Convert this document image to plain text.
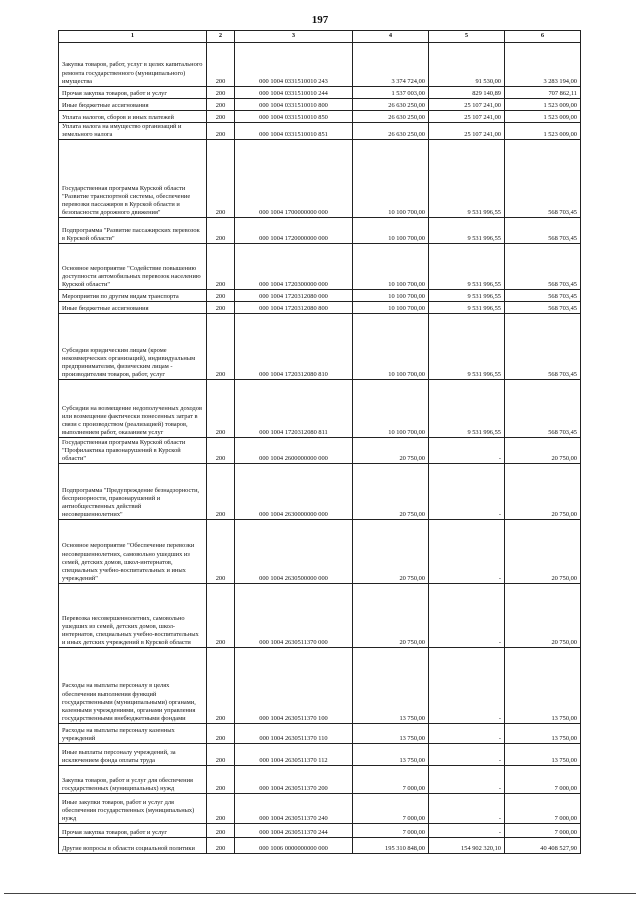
197
1	2	3	4	5	6
Закупка товаров, работ, услуг в целях капитального ремонта государственного (муниципального) имущества	200	000 1004 0331510010 243	3 374 724,00	91 530,00	3 283 194,00
Прочая закупка товаров, работ и услуг	200	000 1004 0331510010 244	1 537 003,00	829 140,89	707 862,11
Иные бюджетные ассигнования	200	000 1004 0331510010 800	26 630 250,00	25 107 241,00	1 523 009,00
Уплата налогов, сборов и иных платежей	200	000 1004 0331510010 850	26 630 250,00	25 107 241,00	1 523 009,00
Уплата налога на имущество организаций и земельного налога	200	000 1004 0331510010 851	26 630 250,00	25 107 241,00	1 523 009,00
Государственная программа Курской области "Развитие транспортной системы, обеспечение перевозки пассажиров в Курской области и безопасности дорожного движения"	200	000 1004 1700000000 000	10 100 700,00	9 531 996,55	568 703,45
Подпрограмма "Развитие пассажирских перевозок в Курской области"	200	000 1004 1720000000 000	10 100 700,00	9 531 996,55	568 703,45
Основное мероприятие "Содействие повышению доступности автомобильных перевозок населению Курской области"	200	000 1004 1720300000 000	10 100 700,00	9 531 996,55	568 703,45
Мероприятия по другим видам транспорта	200	000 1004 1720312080 000	10 100 700,00	9 531 996,55	568 703,45
Иные бюджетные ассигнования	200	000 1004 1720312080 800	10 100 700,00	9 531 996,55	568 703,45
Субсидии юридическим лицам (кроме некоммерческих организаций), индивидуальным предпринимателям, физическим лицам - производителям товаров, работ, услуг	200	000 1004 1720312080 810	10 100 700,00	9 531 996,55	568 703,45
Субсидии на возмещение недополученных доходов или возмещение фактически понесенных затрат в связи с производством (реализацией) товаров, выполнением работ, оказанием услуг	200	000 1004 1720312080 811	10 100 700,00	9 531 996,55	568 703,45
Государственная программа Курской области "Профилактика правонарушений в Курской области"	200	000 1004 2600000000 000	20 750,00	-	20 750,00
Подпрограмма "Предупреждение безнадзорности, беспризорности, правонарушений и антиобщественных действий несовершеннолетних"	200	000 1004 2630000000 000	20 750,00	-	20 750,00
Основное мероприятие "Обеспечение перевозки несовершеннолетних, самовольно ушедших из семей, детских домов, школ-интернатов, специальных учебно-воспитательных и иных учреждений"	200	000 1004 2630500000 000	20 750,00	-	20 750,00
Перевозка несовершеннолетних, самовольно ушедших из семей, детских домов, школ-интернатов, специальных учебно-воспитательных и иных детских учреждений в Курской области	200	000 1004 2630511370 000	20 750,00	-	20 750,00
Расходы на выплаты персоналу в целях обеспечения выполнения функций государственными (муниципальными) органами, казенными учреждениями, органами управления государственными внебюджетными фондами	200	000 1004 2630511370 100	13 750,00	-	13 750,00
Расходы на выплаты персоналу казенных учреждений	200	000 1004 2630511370 110	13 750,00	-	13 750,00
Иные выплаты персоналу учреждений, за исключением фонда оплаты труда	200	000 1004 2630511370 112	13 750,00	-	13 750,00
Закупка товаров, работ и услуг для обеспечения государственных (муниципальных) нужд	200	000 1004 2630511370 200	7 000,00	-	7 000,00
Иные закупки товаров, работ и услуг для обеспечения государственных (муниципальных) нужд	200	000 1004 2630511370 240	7 000,00	-	7 000,00
Прочая закупка товаров, работ и услуг	200	000 1004 2630511370 244	7 000,00	-	7 000,00
Другие вопросы в области социальной политики	200	000 1006 0000000000 000	195 310 848,00	154 902 320,10	40 408 527,90
